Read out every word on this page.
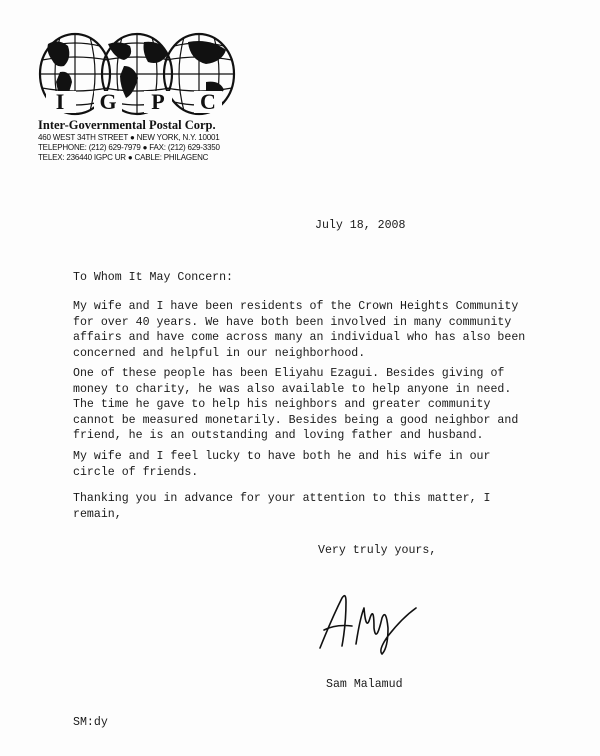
I G P C

Inter-Governmental Postal Corp.

460 WEST 34TH STREET ● NEW YORK, N.Y. 10001

TELEPHONE: (212) 629-7979 ● FAX: (212) 629-3350

TELEX: 236440 IGPC UR ● CABLE: PHILAGENC

July 18, 2008
To Whom It May Concern:

My wife and I have been residents of the Crown Heights Community
for over 40 years. We have both been involved in many community
affairs and have come across many an individual who has also been
concerned and helpful in our neighborhood.

One of these people has been Eliyahu Ezagui. Besides giving of
money to charity, he was also available to help anyone in need.
The time he gave to help his neighbors and greater community
cannot be measured monetarily. Besides being a good neighbor and
friend, he is an outstanding and loving father and husband.

My wife and I feel lucky to have both he and his wife in our
circle of friends.

Thanking you in advance for your attention to this matter, I
remain,

Very truly yours,
Sam Malamud
SM:dy
